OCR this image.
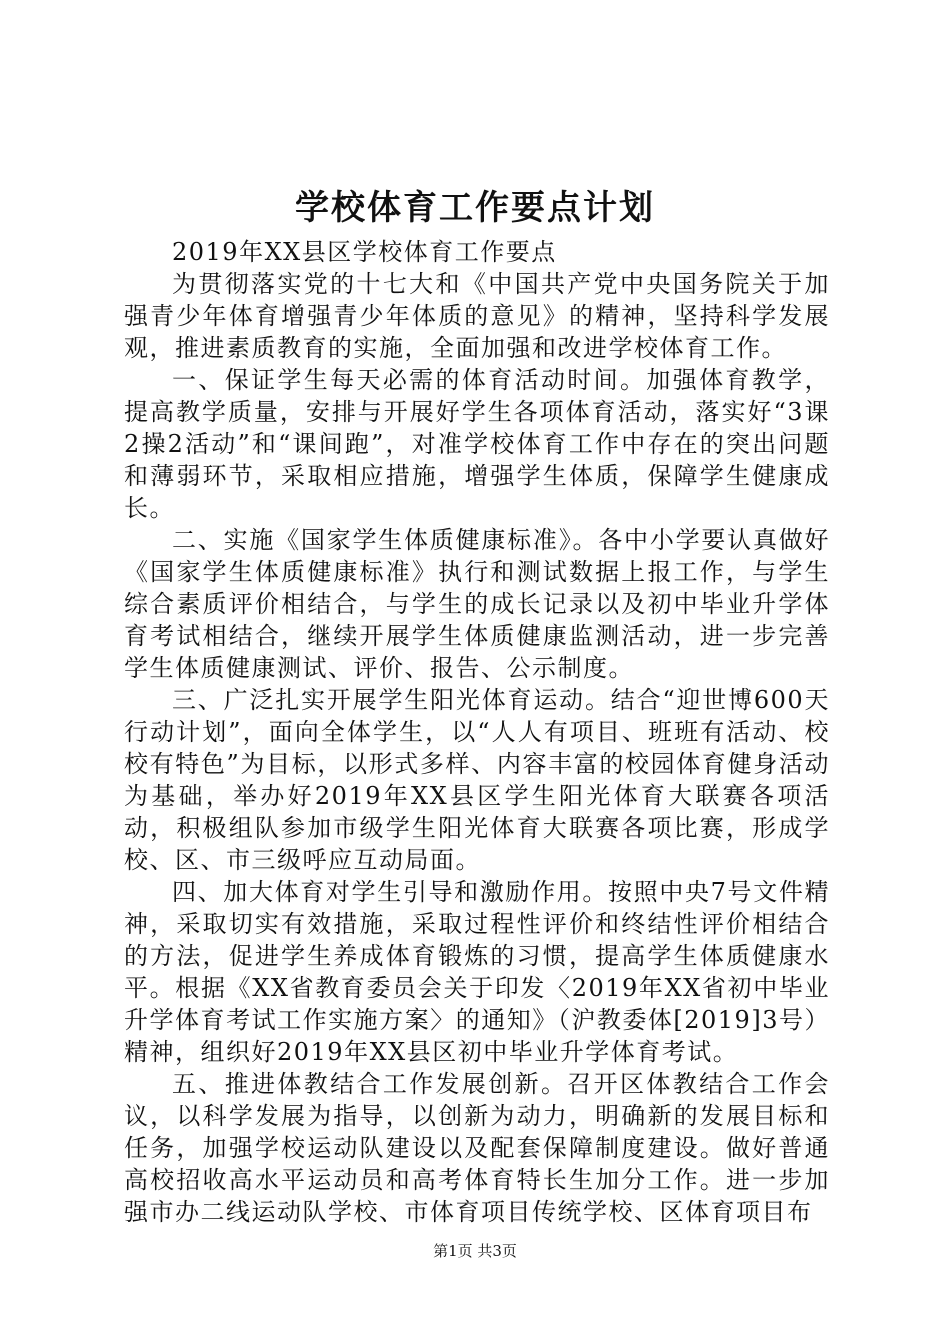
学校体育工作要点计划

2019年XX县区学校体育工作要点

为贯彻落实党的十七大和《中国共产党中央国务院关于加强青少年体育增强青少年体质的意见》的精神，坚持科学发展观，推进素质教育的实施，全面加强和改进学校体育工作。

一、保证学生每天必需的体育活动时间。加强体育教学，提高教学质量，安排与开展好学生各项体育活动，落实好“3课2操2活动”和“课间跑”，对准学校体育工作中存在的突出问题和薄弱环节，采取相应措施，增强学生体质，保障学生健康成长。

二、实施《国家学生体质健康标准》。各中小学要认真做好《国家学生体质健康标准》执行和测试数据上报工作，与学生综合素质评价相结合，与学生的成长记录以及初中毕业升学体育考试相结合，继续开展学生体质健康监测活动，进一步完善学生体质健康测试、评价、报告、公示制度。

三、广泛扎实开展学生阳光体育运动。结合“迎世博600天行动计划”，面向全体学生，以“人人有项目、班班有活动、校校有特色”为目标，以形式多样、内容丰富的校园体育健身活动为基础，举办好2019年XX县区学生阳光体育大联赛各项活动，积极组队参加市级学生阳光体育大联赛各项比赛，形成学校、区、市三级呼应互动局面。

四、加大体育对学生引导和激励作用。按照中央7号文件精神，采取切实有效措施，采取过程性评价和终结性评价相结合的方法，促进学生养成体育锻炼的习惯，提高学生体质健康水平。根据《XX省教育委员会关于印发〈2019年XX省初中毕业升学体育考试工作实施方案〉的通知》（沪教委体[2019]3号）精神，组织好2019年XX县区初中毕业升学体育考试。

五、推进体教结合工作发展创新。召开区体教结合工作会议，以科学发展为指导，以创新为动力，明确新的发展目标和任务，加强学校运动队建设以及配套保障制度建设。做好普通高校招收高水平运动员和高考体育特长生加分工作。进一步加强市办二线运动队学校、市体育项目传统学校、区体育项目布

第1页 共3页
